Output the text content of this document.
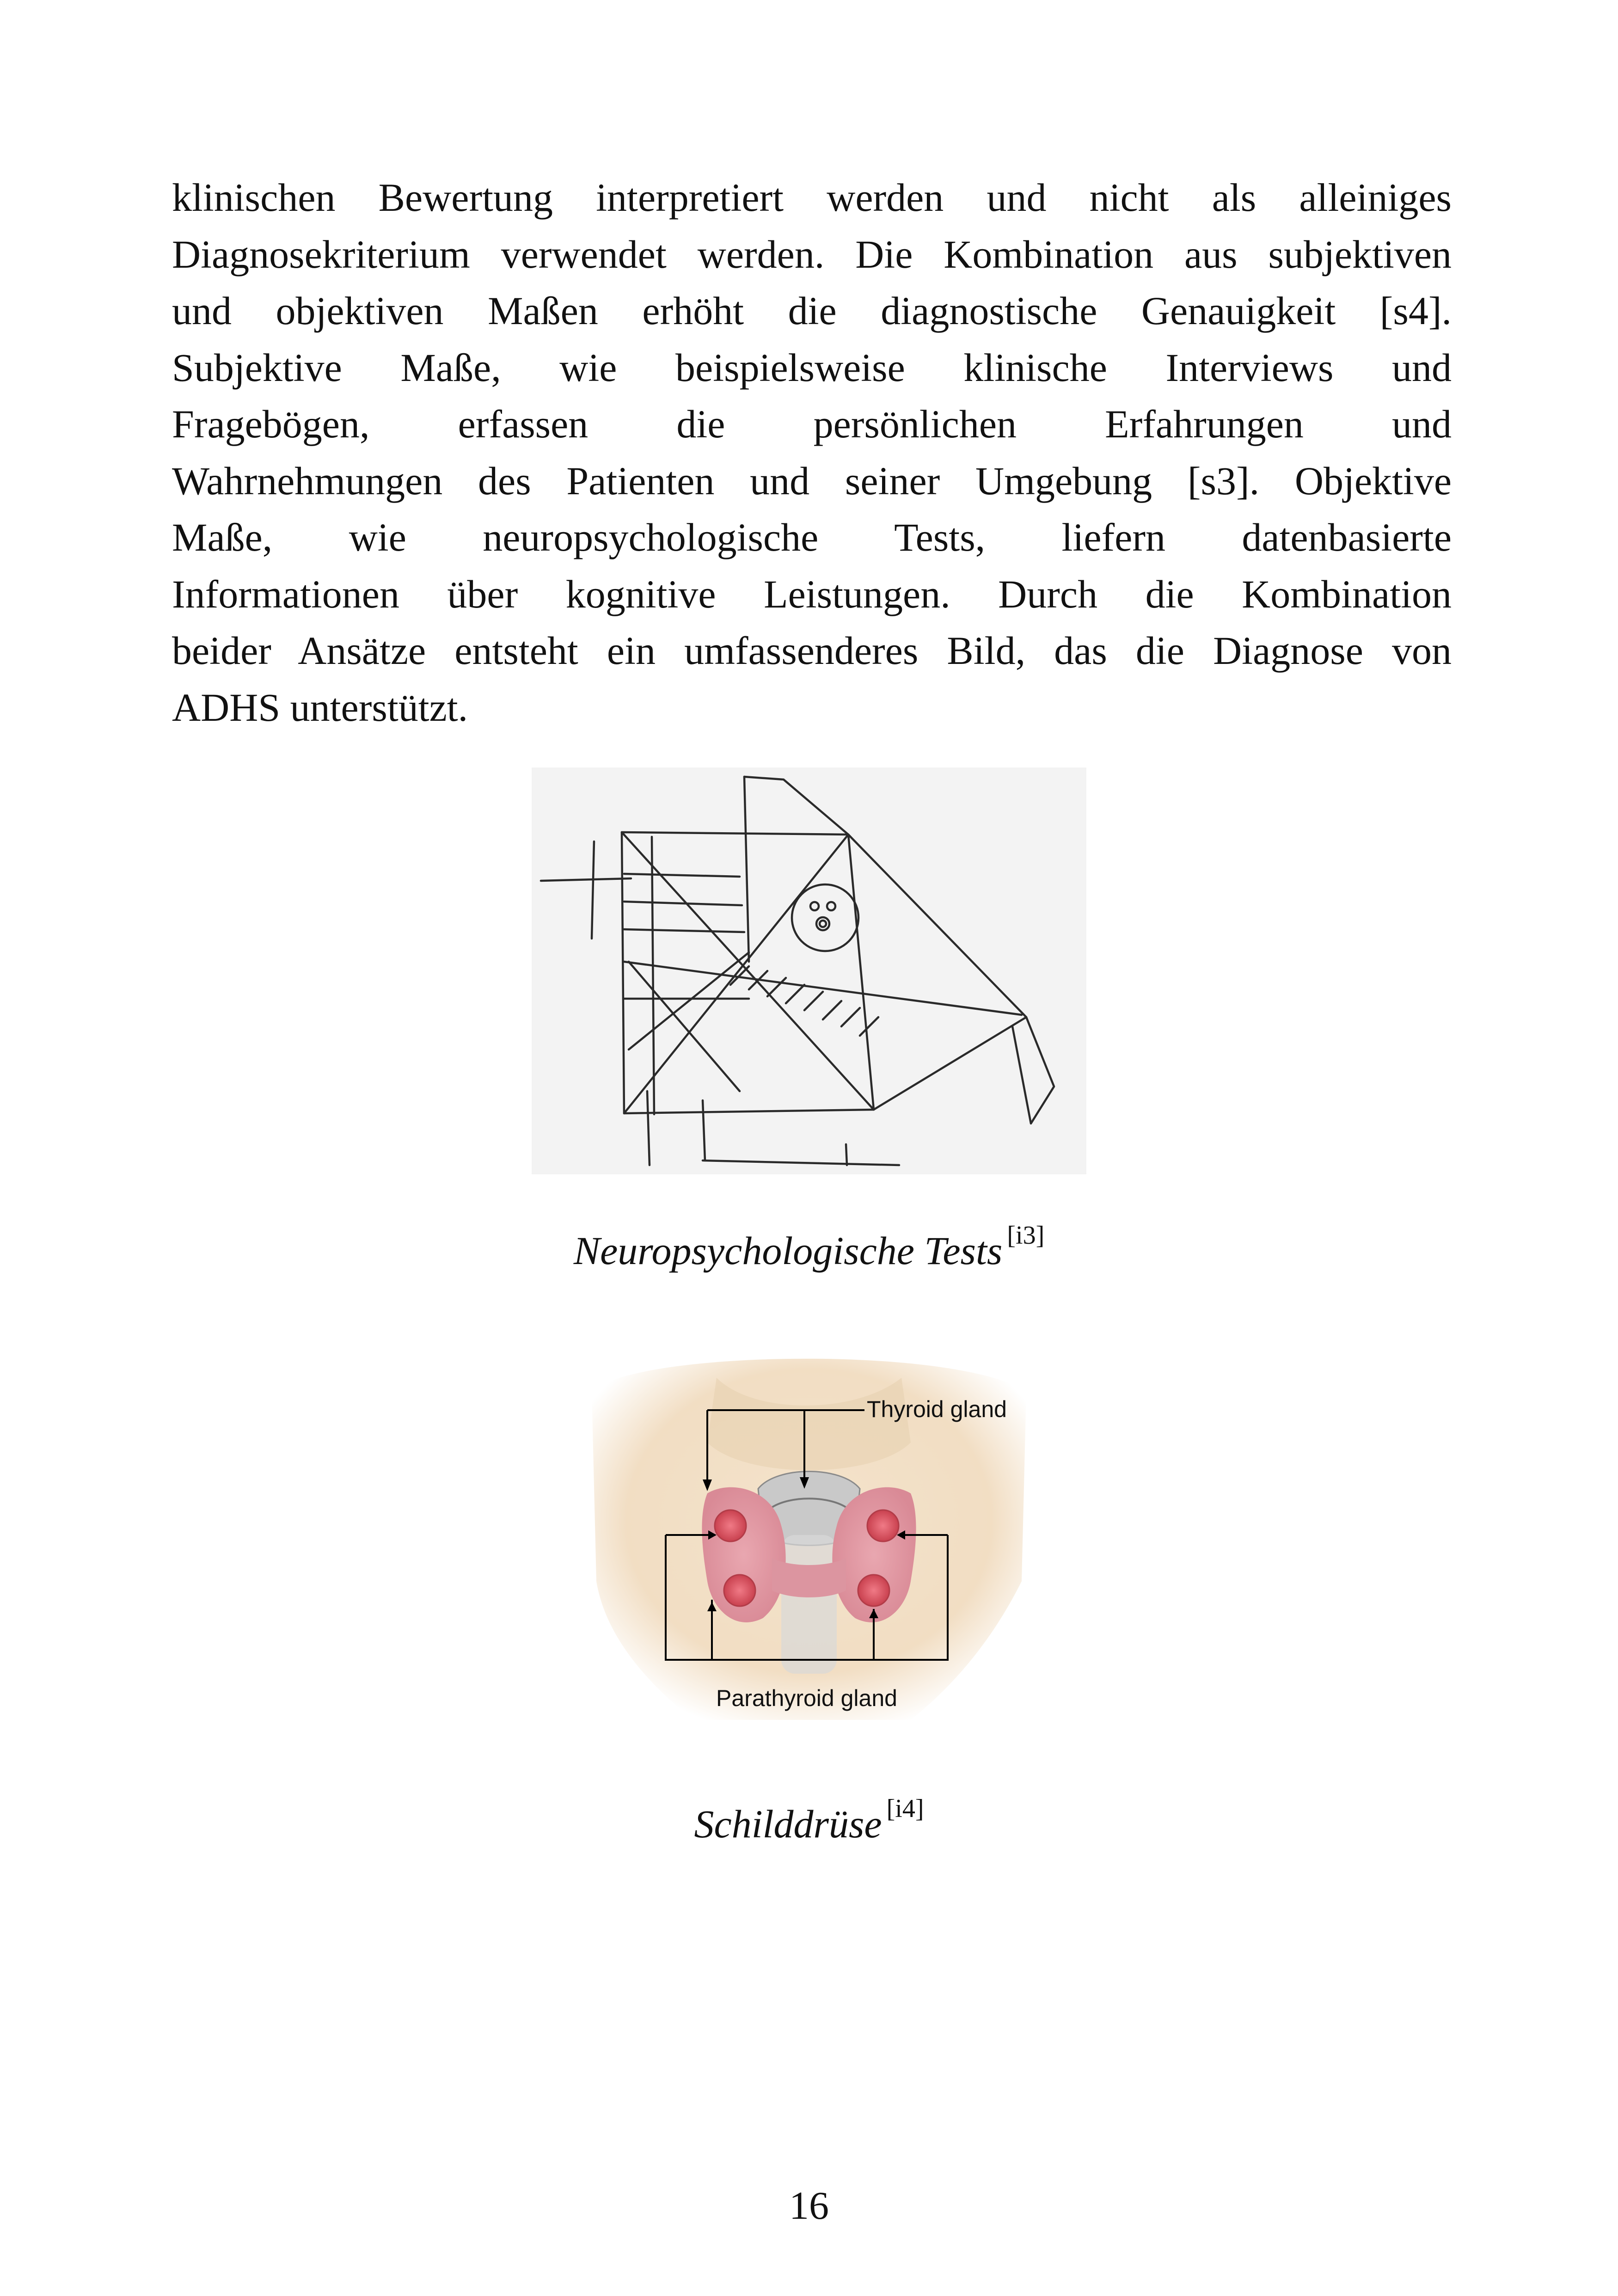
klinischen Bewertung interpretiert werden und nicht als alleiniges
Diagnosekriterium verwendet werden. Die Kombination aus subjektiven
und objektiven Maßen erhöht die diagnostische Genauigkeit [s4].
Subjektive Maße, wie beispielsweise klinische Interviews und
Fragebögen, erfassen die persönlichen Erfahrungen und
Wahrnehmungen des Patienten und seiner Umgebung [s3]. Objektive
Maße, wie neuropsychologische Tests, liefern datenbasierte
Informationen über kognitive Leistungen. Durch die Kombination
beider Ansätze entsteht ein umfassenderes Bild, das die Diagnose von
ADHS unterstützt.

Neuropsychologische Tests [i3]
Thyroid gland
Parathyroid gland
Schilddrüse [i4]
16
